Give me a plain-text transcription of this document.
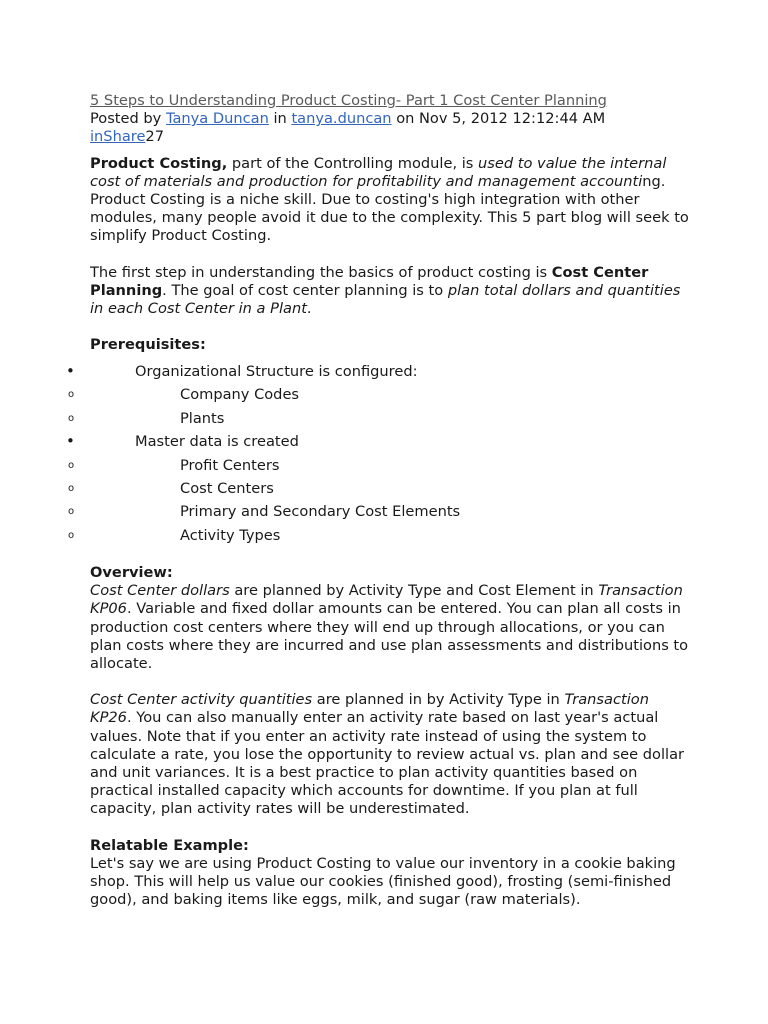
5 Steps to Understanding Product Costing- Part 1 Cost Center Planning
Posted by Tanya Duncan in tanya.duncan on Nov 5, 2012 12:12:44 AM
inShare27

Product Costing, part of the Controlling module, is used to value the internal cost of materials and production for profitability and management accounting. Product Costing is a niche skill. Due to costing's high integration with other modules, many people avoid it due to the complexity. This 5 part blog will seek to simplify Product Costing.

The first step in understanding the basics of product costing is Cost Center Planning. The goal of cost center planning is to plan total dollars and quantities in each Cost Center in a Plant.

Prerequisites:
•	Organizational Structure is configured:
o	Company Codes
o	Plants
•	Master data is created
o	Profit Centers
o	Cost Centers
o	Primary and Secondary Cost Elements
o	Activity Types
Overview:

Cost Center dollars are planned by Activity Type and Cost Element in Transaction KP06. Variable and fixed dollar amounts can be entered. You can plan all costs in production cost centers where they will end up through allocations, or you can plan costs where they are incurred and use plan assessments and distributions to allocate.

Cost Center activity quantities are planned in by Activity Type in Transaction KP26. You can also manually enter an activity rate based on last year's actual values. Note that if you enter an activity rate instead of using the system to calculate a rate, you lose the opportunity to review actual vs. plan and see dollar and unit variances. It is a best practice to plan activity quantities based on practical installed capacity which accounts for downtime. If you plan at full capacity, plan activity rates will be underestimated.

Relatable Example:

Let's say we are using Product Costing to value our inventory in a cookie baking shop. This will help us value our cookies (finished good), frosting (semi-finished good), and baking items like eggs, milk, and sugar (raw materials).
